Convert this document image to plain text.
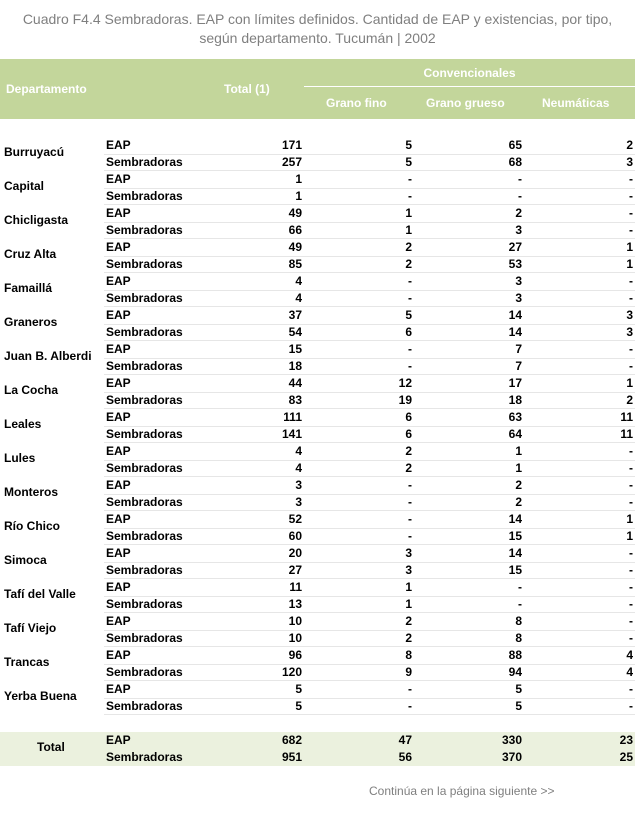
Cuadro F4.4 Sembradoras. EAP con límites definidos. Cantidad de EAP y existencias, por tipo,
según departamento. Tucumán | 2002
Departamento	Total (1)
Convencionales
Grano fino	Grano grueso	Neumáticas
Burruyacú	EAP	171	5	65	2
Sembradoras	257	5	68	3
Capital	EAP	1	-	-	-
Sembradoras	1	-	-	-
Chicligasta	EAP	49	1	2	-
Sembradoras	66	1	3	-
Cruz Alta	EAP	49	2	27	1
Sembradoras	85	2	53	1
Famaillá	EAP	4	-	3	-
Sembradoras	4	-	3	-
Graneros	EAP	37	5	14	3
Sembradoras	54	6	14	3
Juan B. Alberdi EAP	15	-	7	-
Sembradoras	18	-	7	-
La Cocha	EAP	44	12	17	1
Sembradoras	83	19	18	2
Leales	EAP	111	6	63	11
Sembradoras	141	6	64	11
Lules	EAP	4	2	1	-
Sembradoras	4	2	1	-
Monteros	EAP	3	-	2	-
Sembradoras	3	-	2	-
Río Chico	EAP	52	-	14	1
Sembradoras	60	-	15	1
Simoca	EAP	20	3	14	-
Sembradoras	27	3	15	-
Tafí del Valle	EAP	11	1	-	-
Sembradoras	13	1	-	-
Tafí Viejo	EAP	10	2	8	-
Sembradoras	10	2	8	-
Trancas	EAP	96	8	88	4
Sembradoras	120	9	94	4
Yerba Buena EAP	5	-	5	-
Sembradoras	5	-	5	-
Total	EAP	682	47	330	23
Sembradoras	951	56	370	25
Continúa en la página siguiente >>
